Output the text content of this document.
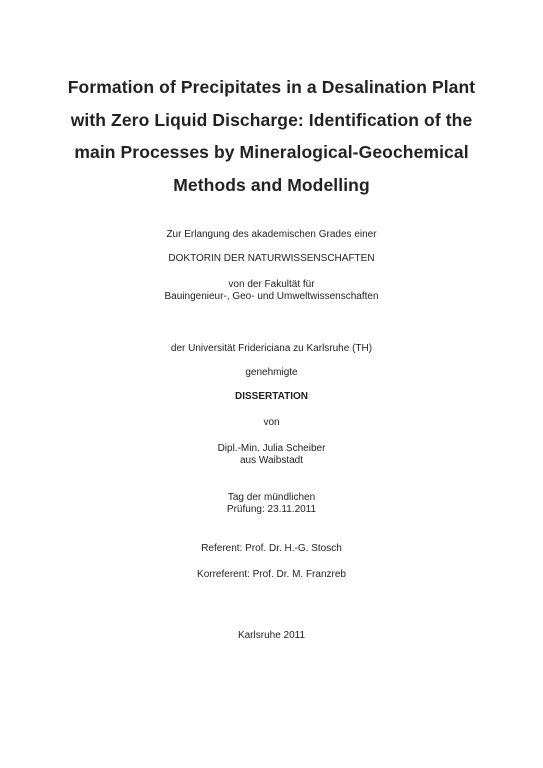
Formation of Precipitates in a Desalination Plant
with Zero Liquid Discharge: Identification of the
main Processes by Mineralogical-Geochemical
Methods and Modelling
Zur Erlangung des akademischen Grades einer
DOKTORIN DER NATURWISSENSCHAFTEN
von der Fakultät für
Bauingenieur-, Geo- und Umweltwissenschaften
der Universität Fridericiana zu Karlsruhe (TH)
genehmigte
DISSERTATION
von
Dipl.-Min. Julia Scheiber
aus Waibstadt
Tag der mündlichen
Prüfung: 23.11.2011
Referent: Prof. Dr. H.-G. Stosch
Korreferent: Prof. Dr. M. Franzreb
Karlsruhe 2011
